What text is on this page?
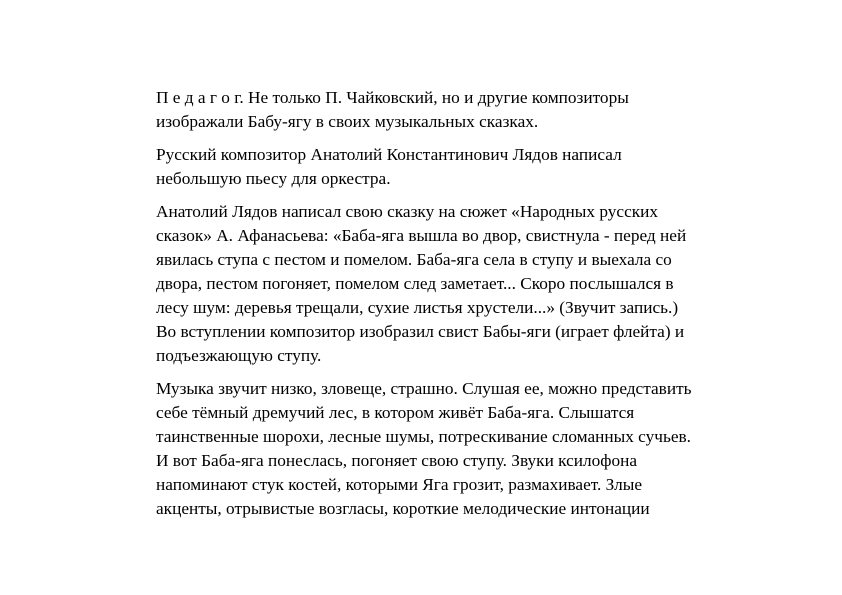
П е д а г о г. Не только П. Чайковский, но и другие композиторы
изображали Бабу-ягу в своих музыкальных сказках.

Русский композитор Анатолий Константинович Лядов написал
небольшую пьесу для оркестра.

Анатолий Лядов написал свою сказку на сюжет «Народных русских
сказок» А. Афанасьева: «Баба-яга вышла во двор, свистнула - перед ней
явилась ступа с пестом и помелом. Баба-яга села в ступу и выехала со
двора, пестом погоняет, помелом след заметает... Скоро послышался в
лесу шум: деревья трещали, сухие листья хрустели...» (Звучит запись.)
Во вступлении композитор изобразил свист Бабы-яги (играет флейта) и
подъезжающую ступу.

Музыка звучит низко, зловеще, страшно. Слушая ее, можно представить
себе тёмный дремучий лес, в котором живёт Баба-яга. Слышатся
таинственные шорохи, лесные шумы, потрескивание сломанных сучьев.
И вот Баба-яга понеслась, погоняет свою ступу. Звуки ксилофона
напоминают стук костей, которыми Яга грозит, размахивает. Злые
акценты, отрывистые возгласы, короткие мелодические интонации
